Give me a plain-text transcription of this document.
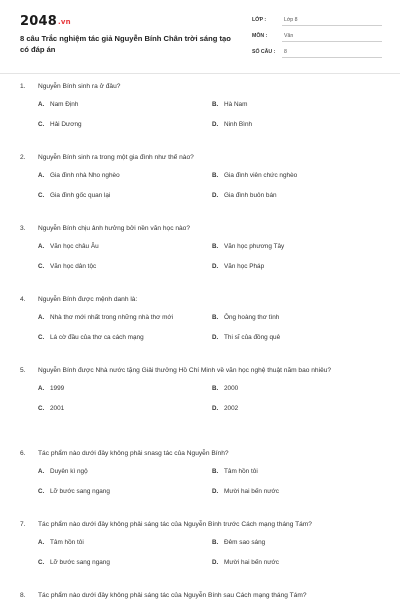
2048.vn
8 câu Trắc nghiệm tác giả Nguyễn Bính Chân trời sáng tạo có đáp án
LỚP :	Lớp 8
MÔN :	Văn
SỐ CÂU : 8
1. Nguyễn Bính sinh ra ở đâu?
A. Nam Định	B. Hà Nam
C. Hải Dương	D. Ninh Bình
2. Nguyễn Bính sinh ra trong một gia đình như thế nào?
A. Gia đình nhà Nho nghèo	B. Gia đình viên chức nghèo
C. Gia đình gốc quan lại	D. Gia đình buôn bán
3. Nguyễn Bính chịu ảnh hưởng bởi nền văn học nào?
A. Văn học châu Âu	B. Văn học phương Tây
C. Văn học dân tộc	D. Văn học Pháp
4. Nguyễn Bính được mệnh danh là:
A. Nhà thơ mới nhất trong những nhà thơ mới	B. Ông hoàng thơ tình
C. Lá cờ đầu của thơ ca cách mạng	D. Thi sĩ của đồng quê
5. Nguyễn Bính được Nhà nước tặng Giải thưởng Hồ Chí Minh về văn học nghệ thuật năm bao nhiêu?
A. 1999	B. 2000
C. 2001	D. 2002
6. Tác phẩm nào dưới đây không phải snasg tác của Nguyễn Bính?
A. Duyên kì ngộ	B. Tâm hồn tôi
C. Lỡ bước sang ngang	D. Mười hai bến nước
7. Tác phẩm nào dưới đây không phải sáng tác của Nguyễn Bính trước Cách mạng tháng Tám?
A. Tâm hồn tôi	B. Đêm sao sáng
C. Lỡ bước sang ngang	D. Mười hai bến nước
8. Tác phẩm nào dưới đây không phải sáng tác của Nguyễn Bính sau Cách mạng tháng Tám?
